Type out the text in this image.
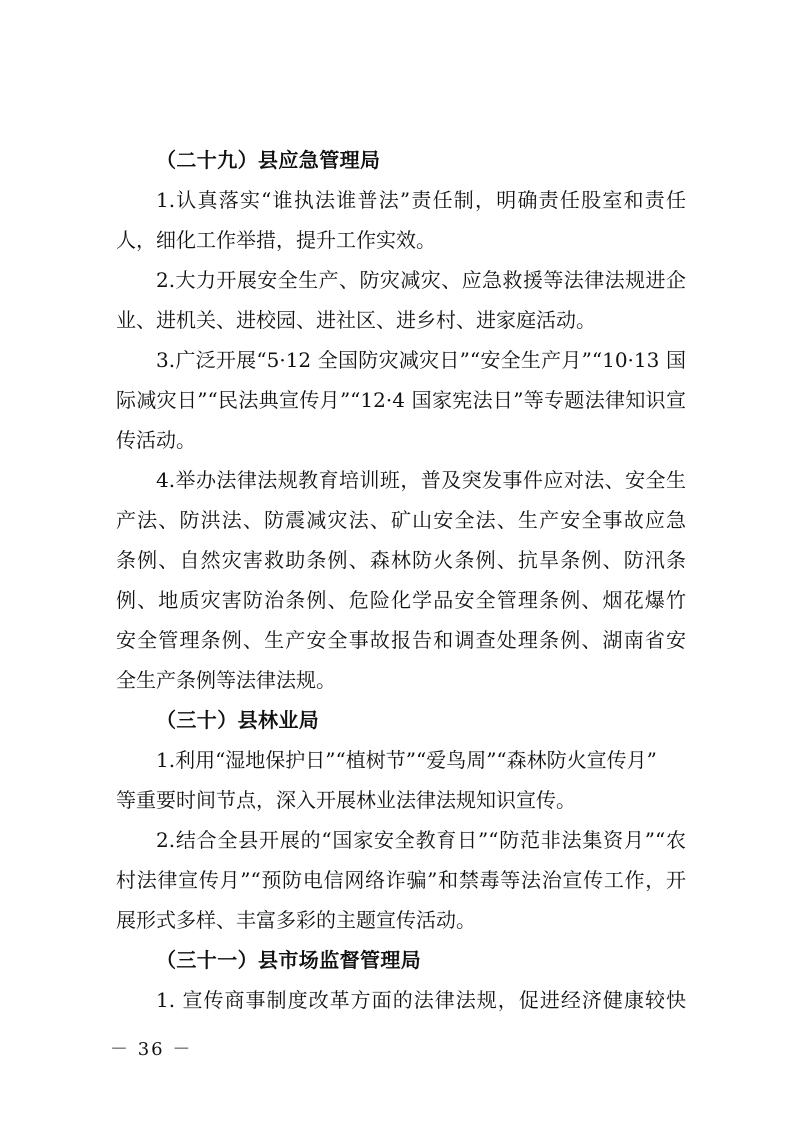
（二十九）县应急管理局

1.认真落实“谁执法谁普法”责任制，明确责任股室和责任
人，细化工作举措，提升工作实效。

2.大力开展安全生产、防灾减灾、应急救援等法律法规进企
业、进机关、进校园、进社区、进乡村、进家庭活动。

3.广泛开展“5·12 全国防灾减灾日”“安全生产月”“10·13 国
际减灾日”“民法典宣传月”“12·4 国家宪法日”等专题法律知识宣
传活动。

4.举办法律法规教育培训班，普及突发事件应对法、安全生
产法、防洪法、防震减灾法、矿山安全法、生产安全事故应急
条例、自然灾害救助条例、森林防火条例、抗旱条例、防汛条
例、地质灾害防治条例、危险化学品安全管理条例、烟花爆竹
安全管理条例、生产安全事故报告和调查处理条例、湖南省安
全生产条例等法律法规。

（三十）县林业局

1.利用“湿地保护日”“植树节”“爱鸟周”“森林防火宣传月”
等重要时间节点，深入开展林业法律法规知识宣传。

2.结合全县开展的“国家安全教育日”“防范非法集资月”“农
村法律宣传月”“预防电信网络诈骗”和禁毒等法治宣传工作，开
展形式多样、丰富多彩的主题宣传活动。

（三十一）县市场监督管理局

1. 宣传商事制度改革方面的法律法规，促进经济健康较快

－ 36 －
